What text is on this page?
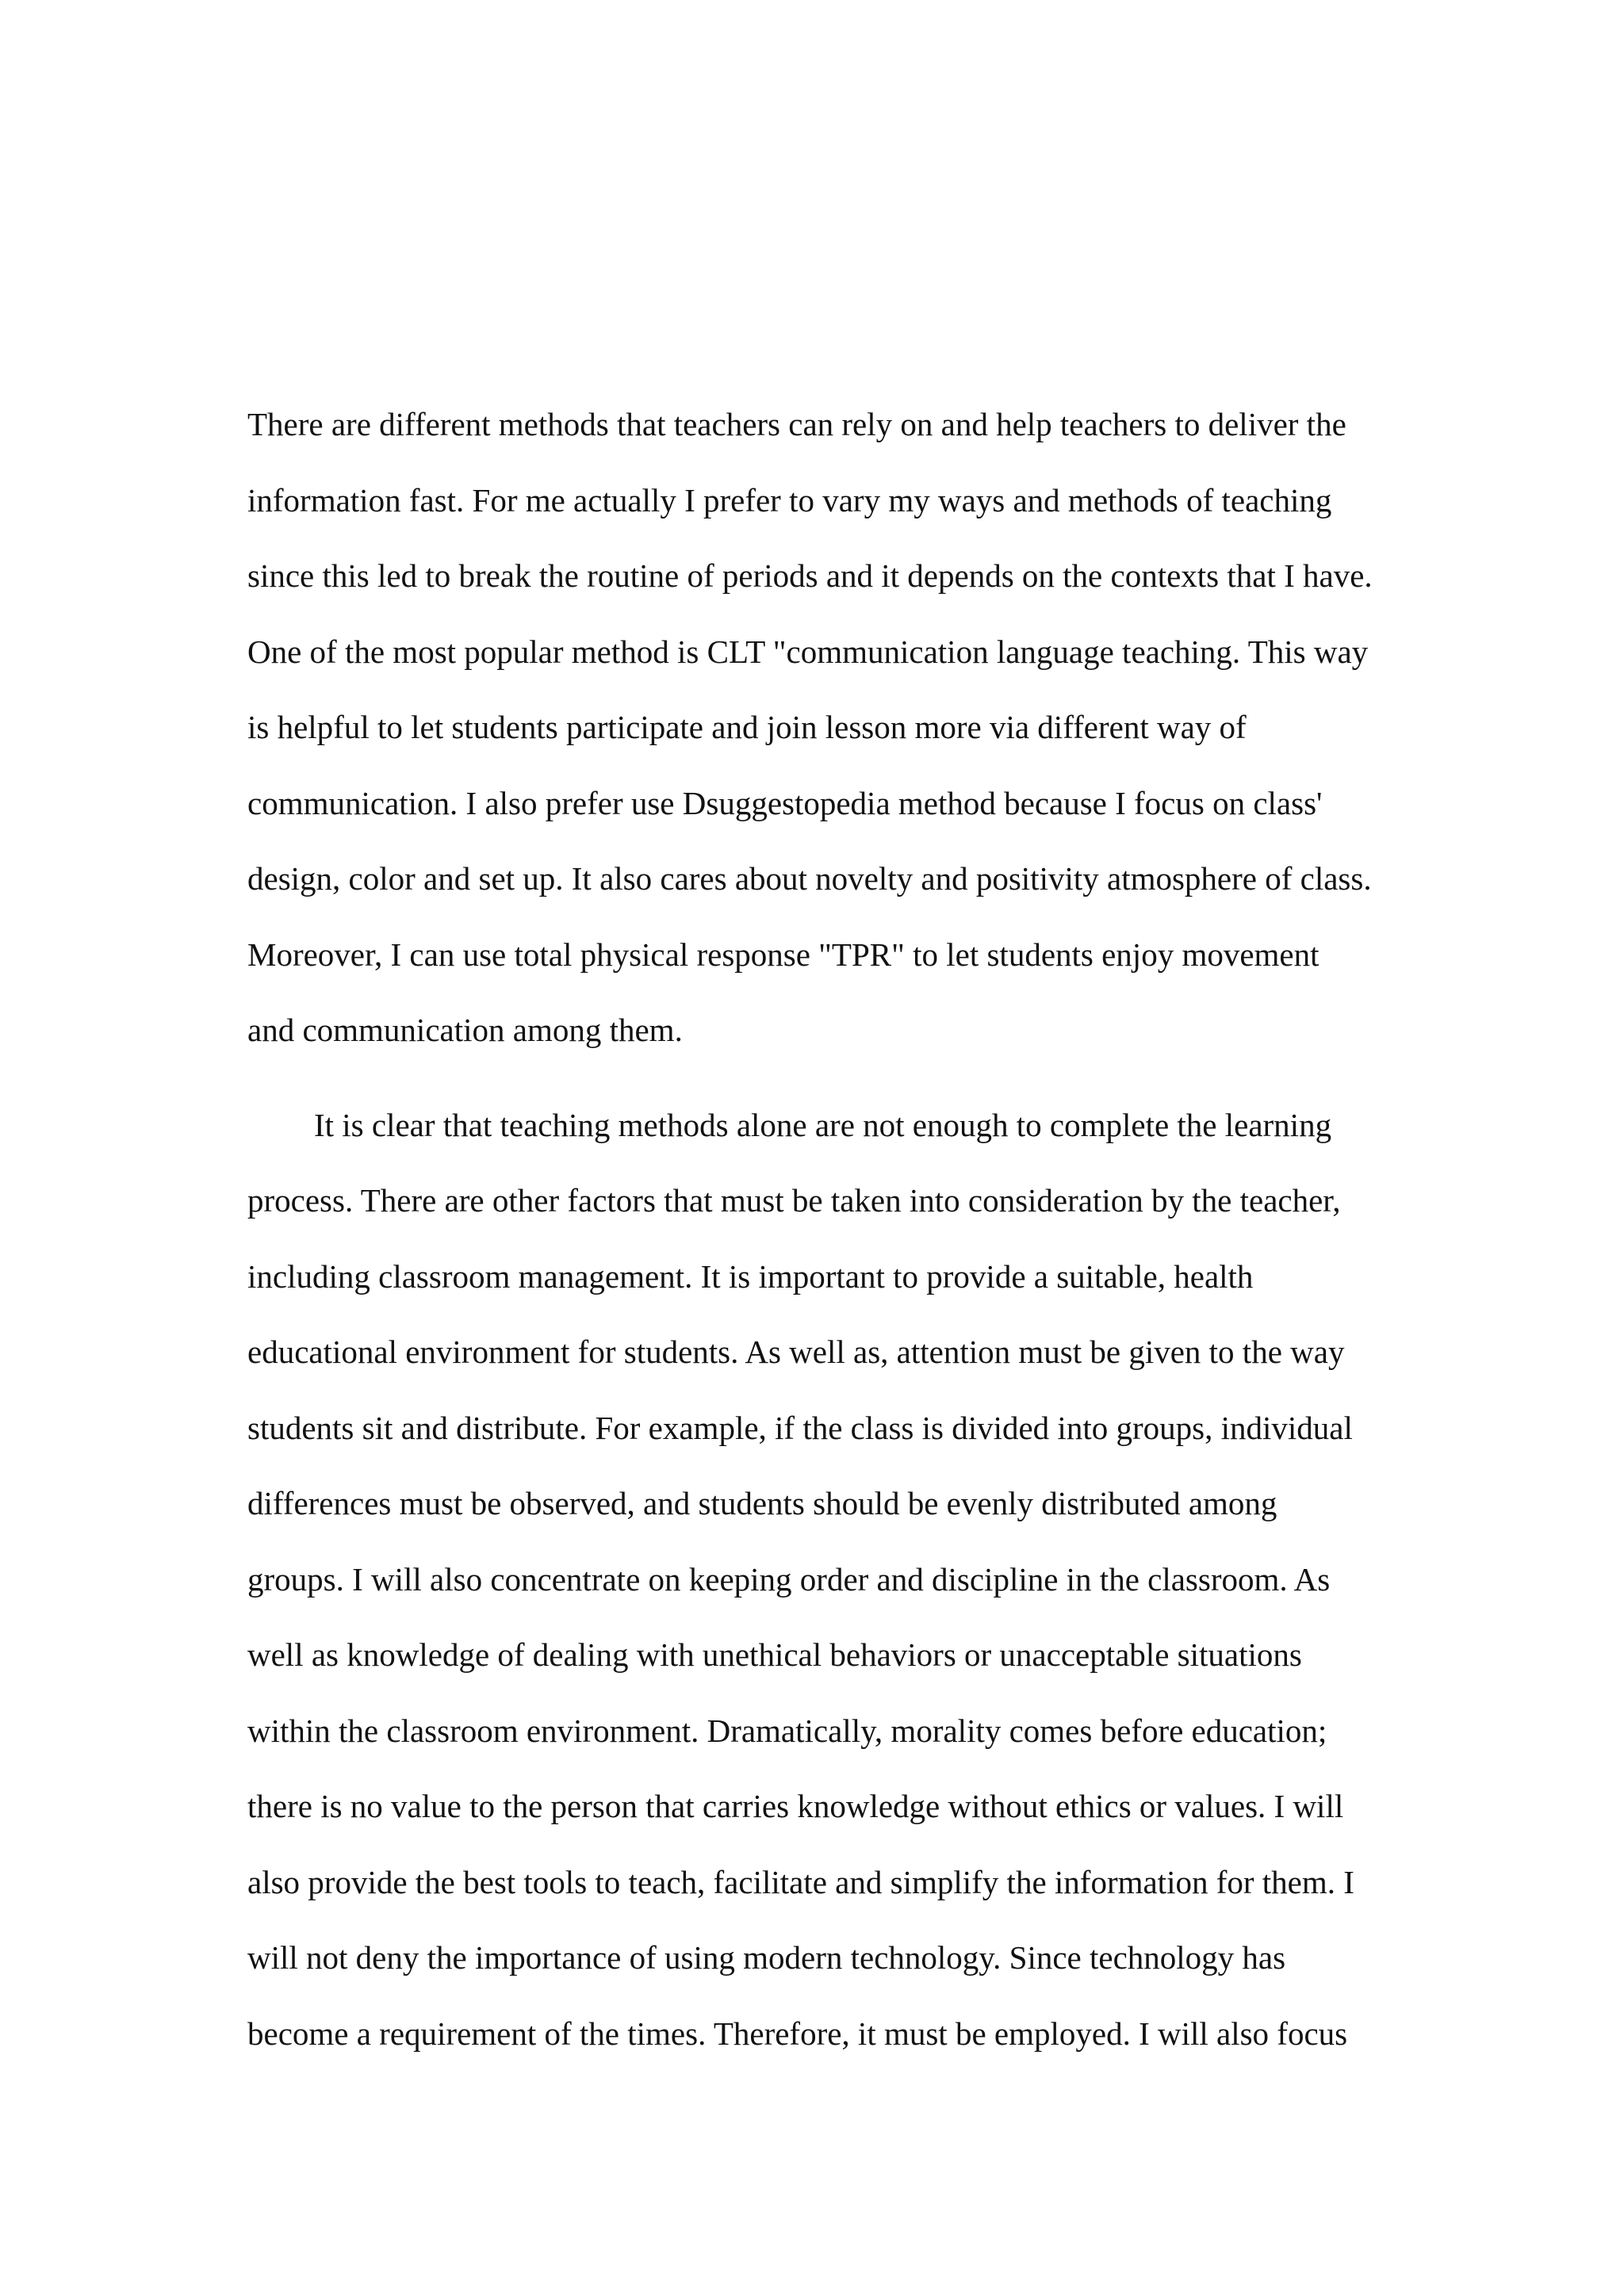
There are different methods that teachers can rely on and help teachers to deliver the
information fast. For me actually I prefer to vary my ways and methods of teaching
since this led to break the routine of periods and it depends on the contexts that I have.
One of the most popular method is CLT "communication language teaching. This way
is helpful to let students participate and join lesson more via different way of
communication. I also prefer use Dsuggestopedia method because I focus on class'
design, color and set up. It also cares about novelty and positivity atmosphere of class.
Moreover, I can use total physical response "TPR" to let students enjoy movement
and communication among them.

It is clear that teaching methods alone are not enough to complete the learning
process. There are other factors that must be taken into consideration by the teacher,
including classroom management. It is important to provide a suitable, health
educational environment for students. As well as, attention must be given to the way
students sit and distribute. For example, if the class is divided into groups, individual
differences must be observed, and students should be evenly distributed among
groups. I will also concentrate on keeping order and discipline in the classroom. As
well as knowledge of dealing with unethical behaviors or unacceptable situations
within the classroom environment. Dramatically, morality comes before education;
there is no value to the person that carries knowledge without ethics or values. I will
also provide the best tools to teach, facilitate and simplify the information for them. I
will not deny the importance of using modern technology. Since technology has
become a requirement of the times. Therefore, it must be employed. I will also focus
